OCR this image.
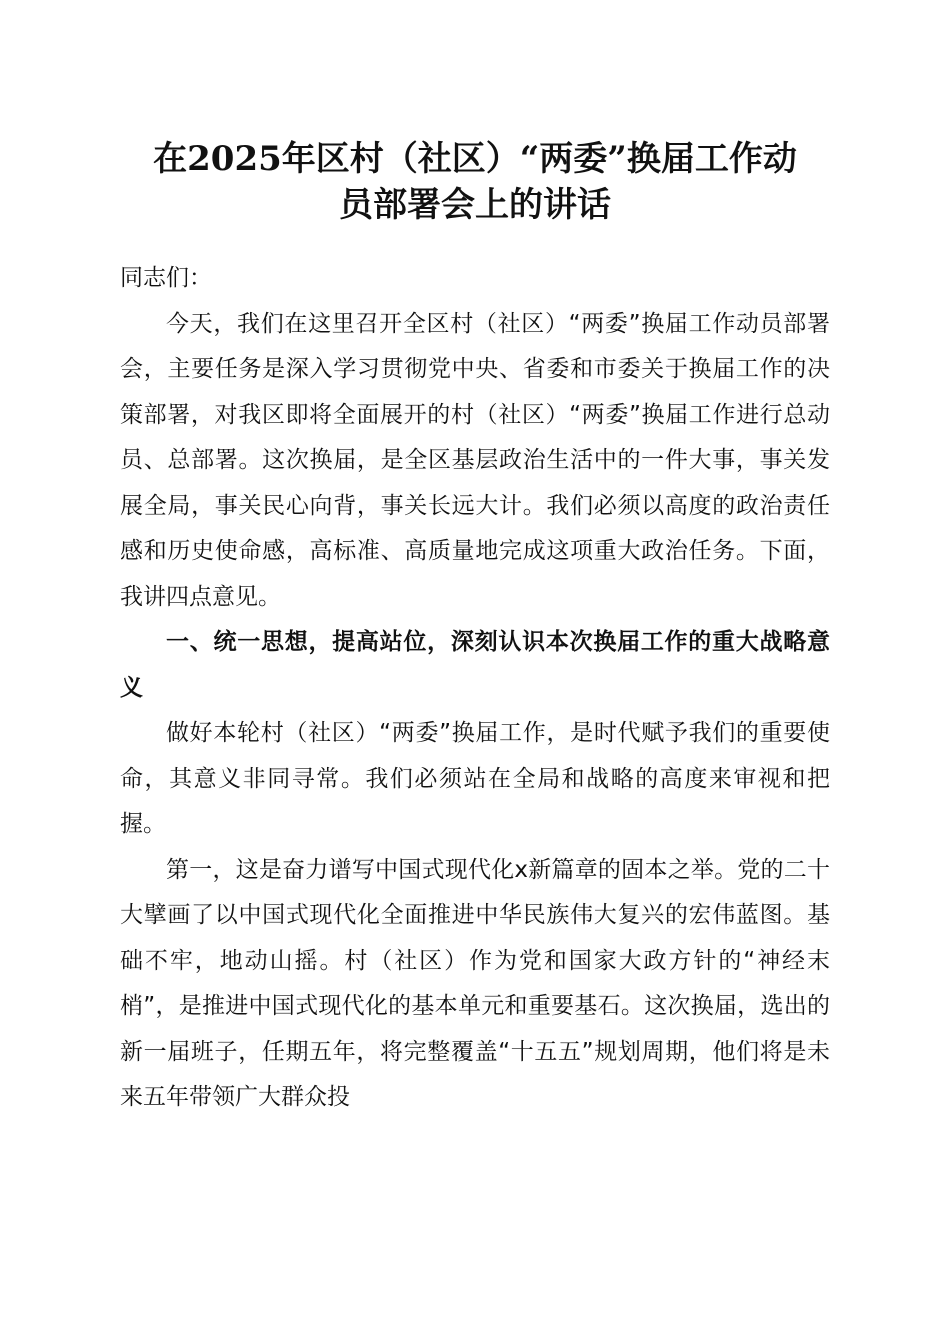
在2025年区村（社区）“两委”换届工作动
员部署会上的讲话

同志们：

今天，我们在这里召开全区村（社区）“两委”换届工作动员部署会，主要任务是深入学习贯彻党中央、省委和市委关于换届工作的决策部署，对我区即将全面展开的村（社区）“两委”换届工作进行总动员、总部署。这次换届，是全区基层政治生活中的一件大事，事关发展全局，事关民心向背，事关长远大计。我们必须以高度的政治责任感和历史使命感，高标准、高质量地完成这项重大政治任务。下面，我讲四点意见。

一、统一思想，提高站位，深刻认识本次换届工作的重大战略意义

做好本轮村（社区）“两委”换届工作，是时代赋予我们的重要使命，其意义非同寻常。我们必须站在全局和战略的高度来审视和把握。

第一，这是奋力谱写中国式现代化x新篇章的固本之举。党的二十大擘画了以中国式现代化全面推进中华民族伟大复兴的宏伟蓝图。基础不牢，地动山摇。村（社区）作为党和国家大政方针的“神经末梢”，是推进中国式现代化的基本单元和重要基石。这次换届，选出的新一届班子，任期五年，将完整覆盖“十五五”规划周期，他们将是未来五年带领广大群众投
